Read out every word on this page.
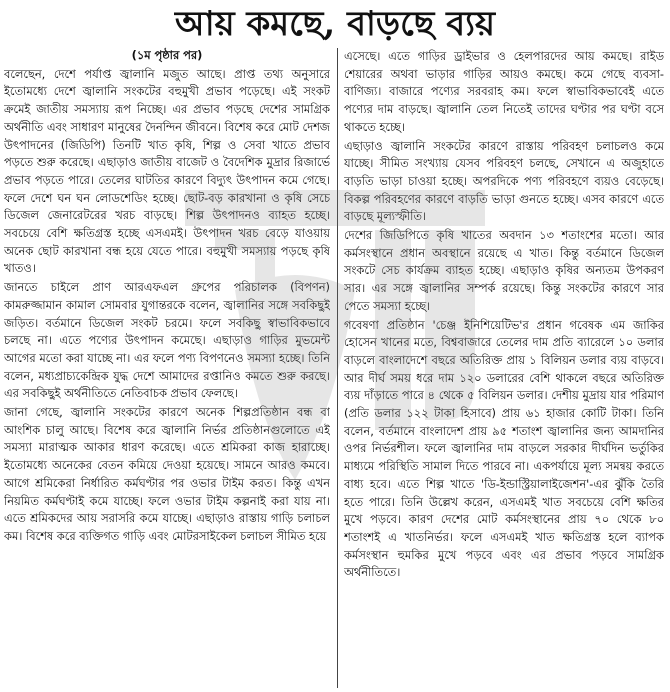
আয় কমছে, বাড়ছে ব্যয়
(১ম পৃষ্ঠার পর)

বলেছেন, দেশে পর্যাপ্ত জ্বালানি মজুত আছে। প্রাপ্ত তথ্য অনুসারে ইতোমধ্যে দেশে জ্বালানি সংকটের বহুমুখী প্রভাব পড়েছে। এই সংকট ক্রমেই জাতীয় সমস্যায় রূপ নিচ্ছে। এর প্রভাব পড়ছে দেশের সামগ্রিক অর্থনীতি এবং সাধারণ মানুষের দৈনন্দিন জীবনে। বিশেষ করে মোট দেশজ উৎপাদনের (জিডিপি) তিনটি খাত কৃষি, শিল্প ও সেবা খাতে প্রভাব পড়তে শুরু করেছে। এছাড়াও জাতীয় বাজেট ও বৈদেশিক মুদ্রার রিজার্ভে প্রভাব পড়তে পারে। তেলের ঘাটতির কারণে বিদ্যুৎ উৎপাদন কমে গেছে। ফলে দেশে ঘন ঘন লোডশেডিং হচ্ছে। ছোট-বড় কারখানা ও কৃষি সেচে ডিজেল জেনারেটরের খরচ বাড়ছে। শিল্প উৎপাদনও ব্যাহত হচ্ছে। সবচেয়ে বেশি ক্ষতিগ্রস্ত হচ্ছে এসএমই। উৎপাদন খরচ বেড়ে যাওয়ায় অনেক ছোট কারখানা বন্ধ হয়ে যেতে পারে। বহুমুখী সমস্যায় পড়ছে কৃষি খাতও।

জানতে চাইলে প্রাণ আরএফএল গ্রুপের পরিচালক (বিপণন) কামরুজ্জামান কামাল সোমবার যুগান্তরকে বলেন, জ্বালানির সঙ্গে সবকিছুই জড়িত। বর্তমানে ডিজেল সংকট চরমে। ফলে সবকিছু স্বাভাবিকভাবে চলছে না। এতে পণ্যের উৎপাদন কমেছে। এছাড়াও গাড়ির মুভমেন্ট আগের মতো করা যাচ্ছে না। এর ফলে পণ্য বিপণনেও সমস্যা হচ্ছে। তিনি বলেন, মধ্যপ্রাচ্যকেন্দ্রিক যুদ্ধ দেশে আমাদের রপ্তানিও কমতে শুরু করছে। এর সবকিছুই অর্থনীতিতে নেতিবাচক প্রভাব ফেলছে।

জানা গেছে, জ্বালানি সংকটের কারণে অনেক শিল্পপ্রতিষ্ঠান বন্ধ বা আংশিক চালু আছে। বিশেষ করে জ্বালানি নির্ভর প্রতিষ্ঠানগুলোতে এই সমস্যা মারাত্মক আকার ধারণ করেছে। এতে শ্রমিকরা কাজ হারাচ্ছে। ইতোমধ্যে অনেকের বেতন কমিয়ে দেওয়া হয়েছে। সামনে আরও কমবে। আগে শ্রমিকেরা নির্ধারিত কর্মঘণ্টার পর ওভার টাইম করত। কিন্তু এখন নিয়মিত কর্মঘণ্টাই কমে যাচ্ছে। ফলে ওভার টাইম কল্পনাই করা যায় না। এতে শ্রমিকদের আয় সরাসরি কমে যাচ্ছে। এছাড়াও রাস্তায় গাড়ি চলাচল কম। বিশেষ করে ব্যক্তিগত গাড়ি এবং মোটরসাইকেল চলাচল সীমিত হয়ে

এসেছে। এতে গাড়ির ড্রাইভার ও হেলপারদের আয় কমছে। রাইড শেয়ারের অথবা ভাড়ার গাড়ির আয়ও কমছে। কমে গেছে ব্যবসা-বাণিজ্য। বাজারে পণ্যের সরবরাহ কম। ফলে স্বাভাবিকভাবেই এতে পণ্যের দাম বাড়ছে। জ্বালানি তেল নিতেই তাদের ঘণ্টার পর ঘণ্টা বসে থাকতে হচ্ছে।

এছাড়াও জ্বালানি সংকটের কারণে রাস্তায় পরিবহণ চলাচলও কমে যাচ্ছে। সীমিত সংখ্যায় যেসব পরিবহণ চলছে, সেখানে এ অজুহাতে বাড়তি ভাড়া চাওয়া হচ্ছে। অপরদিকে পণ্য পরিবহণে ব্যয়ও বেড়েছে। বিকল্প পরিবহণের কারণে বাড়তি ভাড়া গুনতে হচ্ছে। এসব কারণে এতে বাড়ছে মূল্যস্ফীতি।

দেশের জিডিপিতে কৃষি খাতের অবদান ১৩ শতাংশের মতো। আর কর্মসংস্থানে প্রধান অবস্থানে রয়েছে এ খাত। কিন্তু বর্তমানে ডিজেল সংকটে সেচ কার্যক্রম ব্যাহত হচ্ছে। এছাড়াও কৃষির অন্যতম উপকরণ সার। এর সঙ্গে জ্বালানির সম্পর্ক রয়েছে। কিন্তু সংকটের কারণে সার পেতে সমস্যা হচ্ছে।

গবেষণা প্রতিষ্ঠান 'চেঞ্জ ইনিশিয়েটিভ'র প্রধান গবেষক এম জাকির হোসেন খানের মতে, বিশ্ববাজারে তেলের দাম প্রতি ব্যারেলে ১০ ডলার বাড়লে বাংলাদেশে বছরে অতিরিক্ত প্রায় ১ বিলিয়ন ডলার ব্যয় বাড়বে। আর দীর্ঘ সময় ধরে দাম ১২০ ডলারের বেশি থাকলে বছরে অতিরিক্ত ব্যয় দাঁড়াতে পারে ৪ থেকে ৫ বিলিয়ন ডলার। দেশীয় মুদ্রায় যার পরিমাণ (প্রতি ডলার ১২২ টাকা হিসাবে) প্রায় ৬১ হাজার কোটি টাকা। তিনি বলেন, বর্তমানে বাংলাদেশ প্রায় ৯৫ শতাংশ জ্বালানির জন্য আমদানির ওপর নির্ভরশীল। ফলে জ্বালানির দাম বাড়লে সরকার দীর্ঘদিন ভর্তুকির মাধ্যমে পরিস্থিতি সামাল দিতে পারবে না। একপর্যায়ে মূল্য সমন্বয় করতে বাধ্য হবে। এতে শিল্প খাতে 'ডি-ইন্ডাস্ট্রিয়ালাইজেশন'-এর ঝুঁকি তৈরি হতে পারে। তিনি উল্লেখ করেন, এসএমই খাত সবচেয়ে বেশি ক্ষতির মুখে পড়বে। কারণ দেশের মোট কর্মসংস্থানের প্রায় ৭০ থেকে ৮০ শতাংশই এ খাতনির্ভর। ফলে এসএমই খাত ক্ষতিগ্রস্ত হলে ব্যাপক কর্মসংস্থান হুমকির মুখে পড়বে এবং এর প্রভাব পড়বে সামগ্রিক অর্থনীতিতে।
